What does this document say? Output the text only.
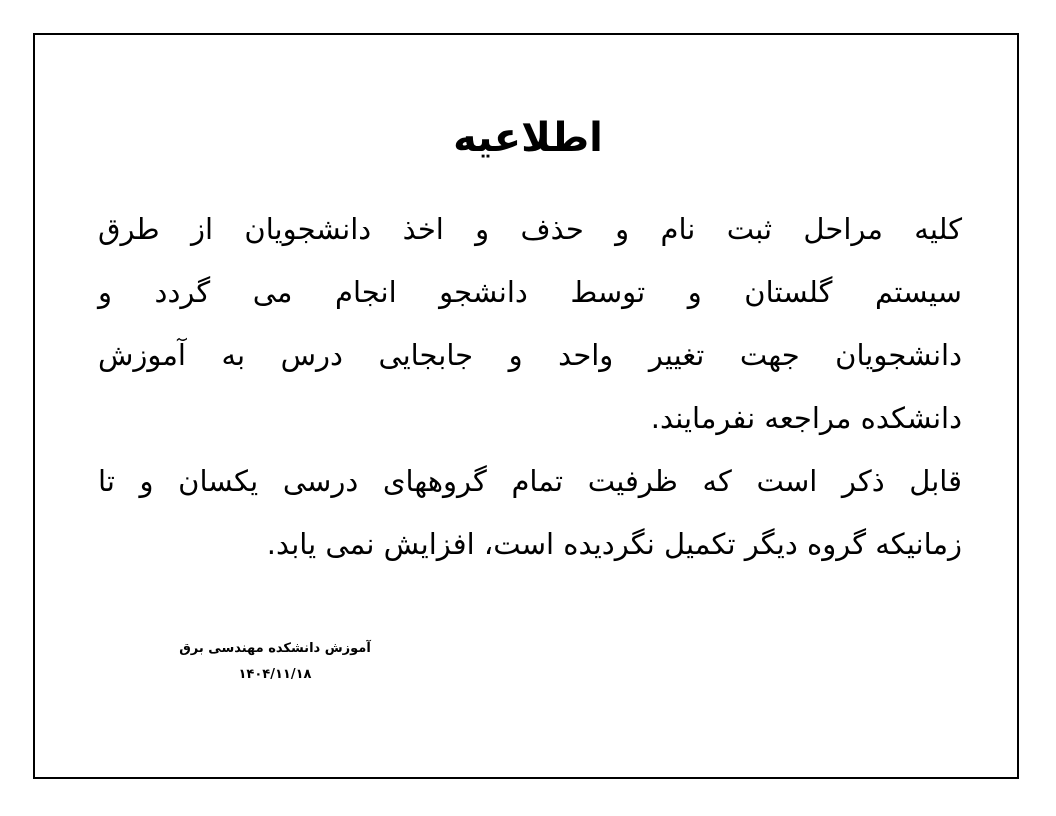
اطلاعیه
کلیه مراحل ثبت نام و حذف و اخذ دانشجویان از طرق
سیستم گلستان و توسط دانشجو انجام می گردد و
دانشجویان جهت تغییر واحد و جابجایی درس به آموزش
دانشکده مراجعه نفرمایند.
قابل ذکر است که ظرفیت تمام گروههای درسی یکسان و تا
زمانیکه گروه دیگر تکمیل نگردیده است، افزایش نمی یابد.
آموزش دانشکده مهندسی برق
۱۴۰۴/۱۱/۱۸
